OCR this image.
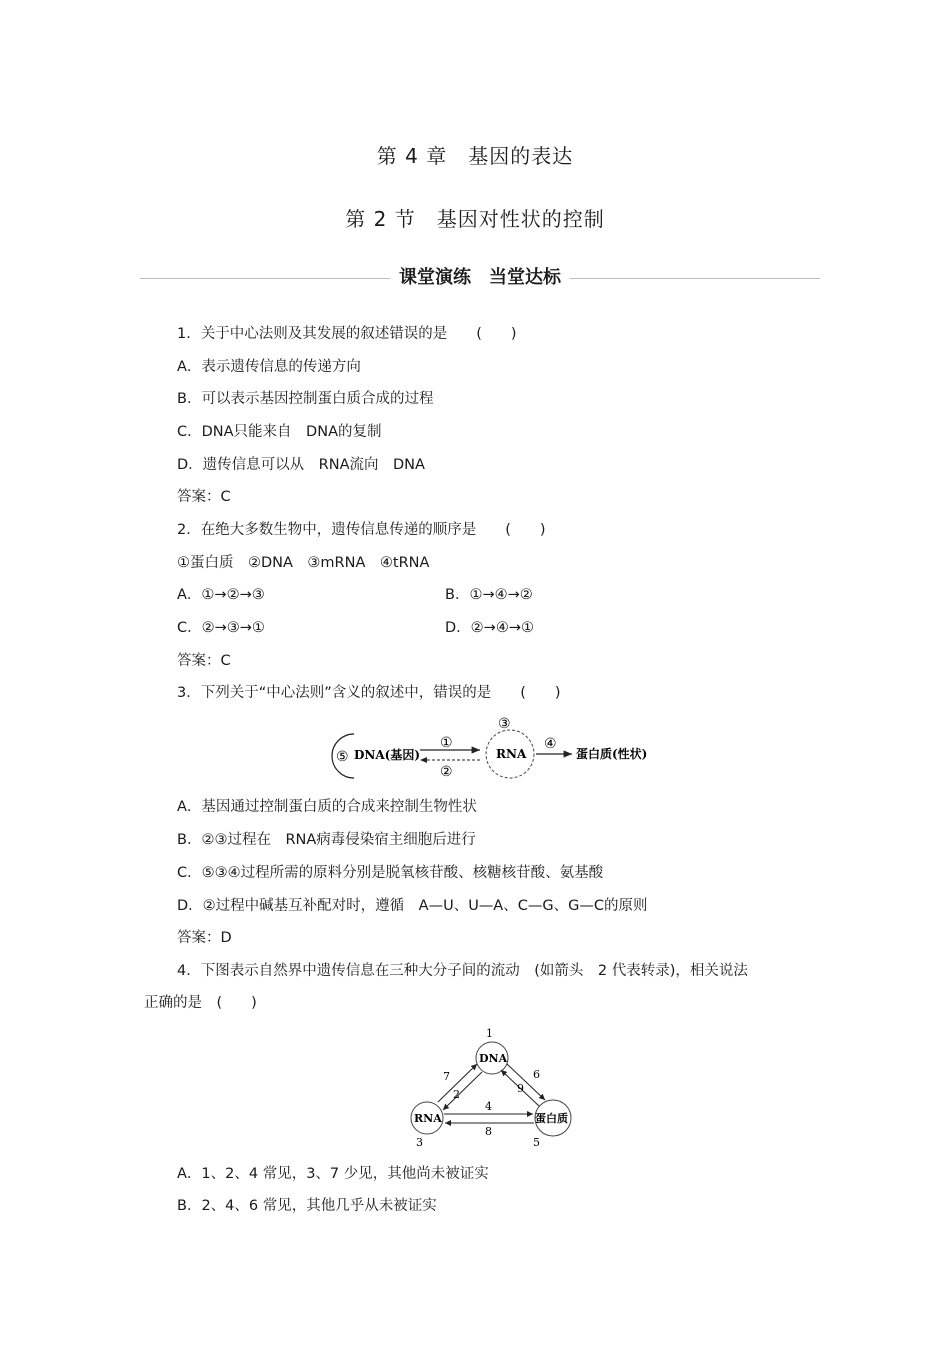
第 4 章　基因的表达
第 2 节　基因对性状的控制
课堂演练　当堂达标
1．关于中心法则及其发展的叙述错误的是　　(　　)
A．表示遗传信息的传递方向
B．可以表示基因控制蛋白质合成的过程
C．DNA只能来自　DNA的复制
D．遗传信息可以从　RNA流向　DNA
答案：C
2．在绝大多数生物中，遗传信息传递的顺序是　　(　　)
①蛋白质　②DNA　③mRNA　④tRNA
A．①→②→③	B．①→④→②
C．②→③→①	D．②→④→①
答案：C
3．下列关于“中心法则”含义的叙述中，错误的是　　(　　)
⑤ DNA(基因)
①
②
③
RNA
④
蛋白质(性状)
A．基因通过控制蛋白质的合成来控制生物性状
B．②③过程在　RNA病毒侵染宿主细胞后进行
C．⑤③④过程所需的原料分别是脱氧核苷酸、核糖核苷酸、氨基酸
D．②过程中碱基互补配对时，遵循　A—U、U—A、C—G、G—C的原则
答案：D
4．下图表示自然界中遗传信息在三种大分子间的流动　(如箭头　2 代表转录)，相关说法
正确的是　(　　)
DNA
1
RNA
3
蛋白质
5
7
2
6
9
4
8
A．1、2、4 常见，3、7 少见，其他尚未被证实
B．2、4、6 常见，其他几乎从未被证实
